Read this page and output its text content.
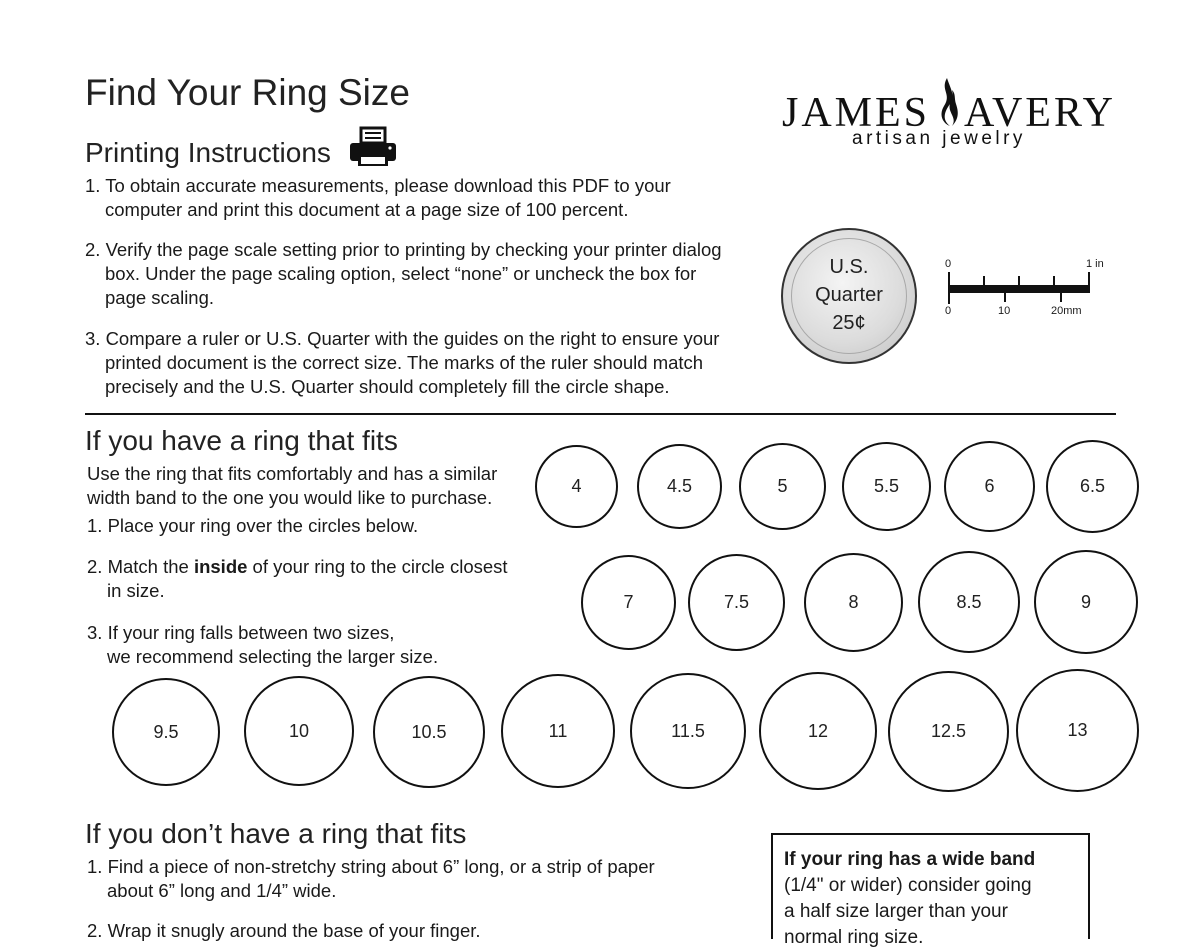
Find Your Ring Size	JAMES AVERY
artisan jewelry
Printing Instructions
1. To obtain accurate measurements, please download this PDF to your
computer and print this document at a page size of 100 percent.
2. Verify the page scale setting prior to printing by checking your printer dialog
box. Under the page scaling option, select “none” or uncheck the box for
page scaling.
3. Compare a ruler or U.S. Quarter with the guides on the right to ensure your
printed document is the correct size. The marks of the ruler should match
precisely and the U.S. Quarter should completely fill the circle shape.
U.S.
Quarter
25¢
0	1 in
0	10	20mm
If you have a ring that fits
Use the ring that fits comfortably and has a similar
width band to the one you would like to purchase.
1. Place your ring over the circles below.
2. Match the inside of your ring to the circle closest
in size.
3. If your ring falls between two sizes,
we recommend selecting the larger size.
4	4.5	5	5.5	6	6.5
7	7.5	8	8.5	9
9.5	10	10.5	11	11.5	12	12.5	13
If you don’t have a ring that fits
1. Find a piece of non-stretchy string about 6” long, or a strip of paper
about 6” long and 1/4” wide.
2. Wrap it snugly around the base of your finger.
If your ring has a wide band
(1/4" or wider) consider going
a half size larger than your
normal ring size.
